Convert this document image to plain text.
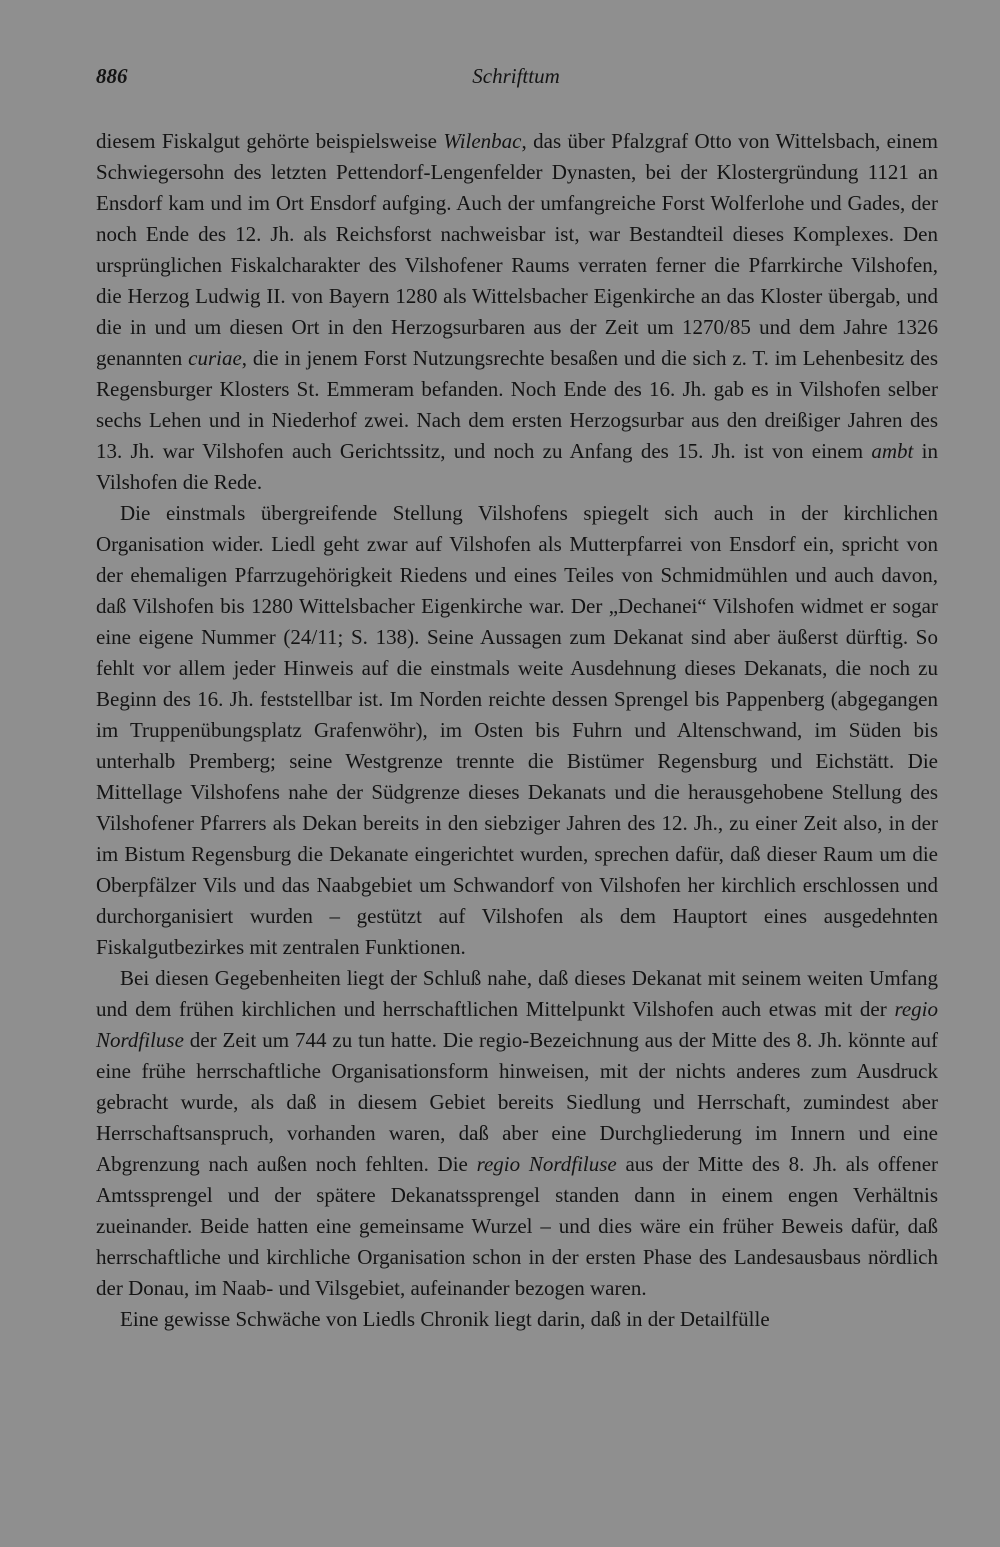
886	Schrifttum

diesem Fiskalgut gehörte beispielsweise Wilenbac, das über Pfalzgraf Otto von Wittelsbach, einem Schwiegersohn des letzten Pettendorf-Lengenfelder Dynasten, bei der Klostergründung 1121 an Ensdorf kam und im Ort Ensdorf aufging. Auch der umfangreiche Forst Wolferlohe und Gades, der noch Ende des 12. Jh. als Reichsforst nachweisbar ist, war Bestandteil dieses Komplexes. Den ursprünglichen Fiskalcharakter des Vilshofener Raums verraten ferner die Pfarrkirche Vilshofen, die Herzog Ludwig II. von Bayern 1280 als Wittelsbacher Eigenkirche an das Kloster übergab, und die in und um diesen Ort in den Herzogsurbaren aus der Zeit um 1270/85 und dem Jahre 1326 genannten curiae, die in jenem Forst Nutzungsrechte besaßen und die sich z. T. im Lehenbesitz des Regensburger Klosters St. Emmeram befanden. Noch Ende des 16. Jh. gab es in Vilshofen selber sechs Lehen und in Niederhof zwei. Nach dem ersten Herzogsurbar aus den dreißiger Jahren des 13. Jh. war Vilshofen auch Gerichtssitz, und noch zu Anfang des 15. Jh. ist von einem ambt in Vilshofen die Rede.

Die einstmals übergreifende Stellung Vilshofens spiegelt sich auch in der kirchlichen Organisation wider. Liedl geht zwar auf Vilshofen als Mutterpfarrei von Ensdorf ein, spricht von der ehemaligen Pfarrzugehörigkeit Riedens und eines Teiles von Schmidmühlen und auch davon, daß Vilshofen bis 1280 Wittelsbacher Eigenkirche war. Der „Dechanei“ Vilshofen widmet er sogar eine eigene Nummer (24/11; S. 138). Seine Aussagen zum Dekanat sind aber äußerst dürftig. So fehlt vor allem jeder Hinweis auf die einstmals weite Ausdehnung dieses Dekanats, die noch zu Beginn des 16. Jh. feststellbar ist. Im Norden reichte dessen Sprengel bis Pappenberg (abgegangen im Truppenübungsplatz Grafenwöhr), im Osten bis Fuhrn und Altenschwand, im Süden bis unterhalb Premberg; seine Westgrenze trennte die Bistümer Regensburg und Eichstätt. Die Mittellage Vilshofens nahe der Südgrenze dieses Dekanats und die herausgehobene Stellung des Vilshofener Pfarrers als Dekan bereits in den siebziger Jahren des 12. Jh., zu einer Zeit also, in der im Bistum Regensburg die Dekanate eingerichtet wurden, sprechen dafür, daß dieser Raum um die Oberpfälzer Vils und das Naabgebiet um Schwandorf von Vilshofen her kirchlich erschlossen und durchorganisiert wurden – gestützt auf Vilshofen als dem Hauptort eines ausgedehnten Fiskalgutbezirkes mit zentralen Funktionen.

Bei diesen Gegebenheiten liegt der Schluß nahe, daß dieses Dekanat mit seinem weiten Umfang und dem frühen kirchlichen und herrschaftlichen Mittelpunkt Vilshofen auch etwas mit der regio Nordfiluse der Zeit um 744 zu tun hatte. Die regio-Bezeichnung aus der Mitte des 8. Jh. könnte auf eine frühe herrschaftliche Organisationsform hinweisen, mit der nichts anderes zum Ausdruck gebracht wurde, als daß in diesem Gebiet bereits Siedlung und Herrschaft, zumindest aber Herrschaftsanspruch, vorhanden waren, daß aber eine Durchgliederung im Innern und eine Abgrenzung nach außen noch fehlten. Die regio Nordfiluse aus der Mitte des 8. Jh. als offener Amtssprengel und der spätere Dekanatssprengel standen dann in einem engen Verhältnis zueinander. Beide hatten eine gemeinsame Wurzel – und dies wäre ein früher Beweis dafür, daß herrschaftliche und kirchliche Organisation schon in der ersten Phase des Landesausbaus nördlich der Donau, im Naab- und Vilsgebiet, aufeinander bezogen waren.

Eine gewisse Schwäche von Liedls Chronik liegt darin, daß in der Detailfülle
